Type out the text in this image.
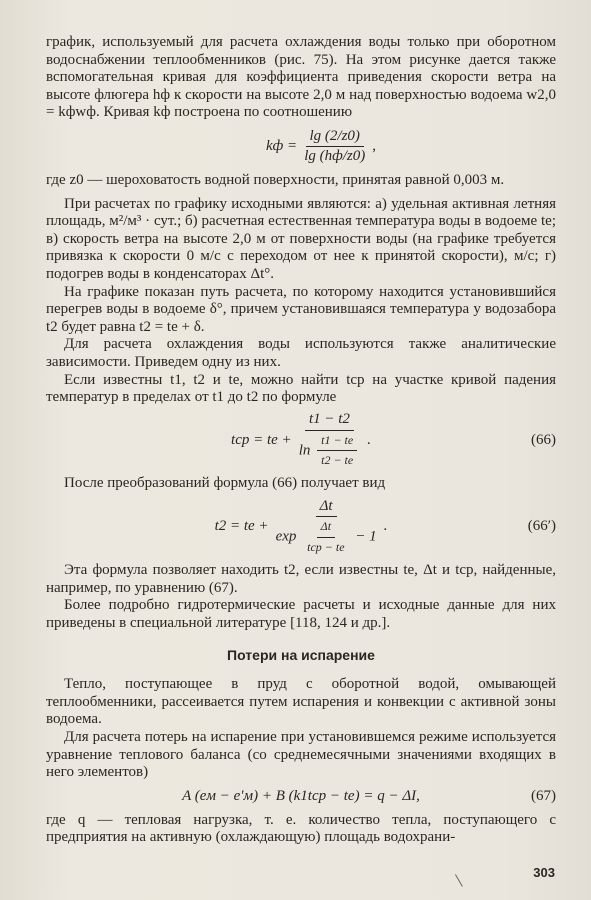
график, используемый для расчета охлаждения воды только при оборотном водоснабжении теплообменников (рис. 75). На этом рисунке дается также вспомогательная кривая для коэффициента приведения скорости ветра на высоте флюгера hф к скорости на высоте 2,0 м над поверхностью водоема w2,0 = kфwф. Кривая kф построена по соотношению

kф = $\frac{\lg (2/z0)}{\lg (hф/z0)}$ ,

где z0 — шероховатость водной поверхности, принятая равной 0,003 м.

При расчетах по графику исходными являются: а) удельная активная летняя площадь, м²/м³ · сут.; б) расчетная естественная температура воды в водоеме tе; в) скорость ветра на высоте 2,0 м от поверхности воды (на графике требуется привязка к скорости 0 м/с с переходом от нее к принятой скорости), м/с; г) подогрев воды в конденсаторах Δt°.

На графике показан путь расчета, по которому находится установившийся перегрев воды в водоеме δ°, причем установившаяся температура у водозабора t2 будет равна t2 = tе + δ.

Для расчета охлаждения воды используются также аналитические зависимости. Приведем одну из них.

Если известны t1, t2 и tе, можно найти tср на участке кривой падения температур в пределах от t1 до t2 по формуле

tср = tе + $\frac{t1 - t2}{\ln \frac{t1 - tе}{t2 - tе}}$ .	(66)

После преобразований формула (66) получает вид

t2 = tе +
Δt
$\exp \frac{\Delta t}{\text{tср − tе}} - 1$
.	(66′)

Эта формула позволяет находить t2, если известны tе, Δt и tср, найденные, например, по уравнению (67).

Более подробно гидротермические расчеты и исходные данные для них приведены в специальной литературе [118, 124 и др.].

Потери на испарение

Тепло, поступающее в пруд с оборотной водой, омывающей теплообменники, рассеивается путем испарения и конвекции с активной зоны водоема.

Для расчета потерь на испарение при установившемся режиме используется уравнение теплового баланса (со среднемесячными значениями входящих в него элементов)

A (eм − e′м) + B (k1tср − tе) = q − ΔI,	(67)

где q — тепловая нагрузка, т. е. количество тепла, поступающего с предприятия на активную (охлаждающую) площадь водохрани-

303
